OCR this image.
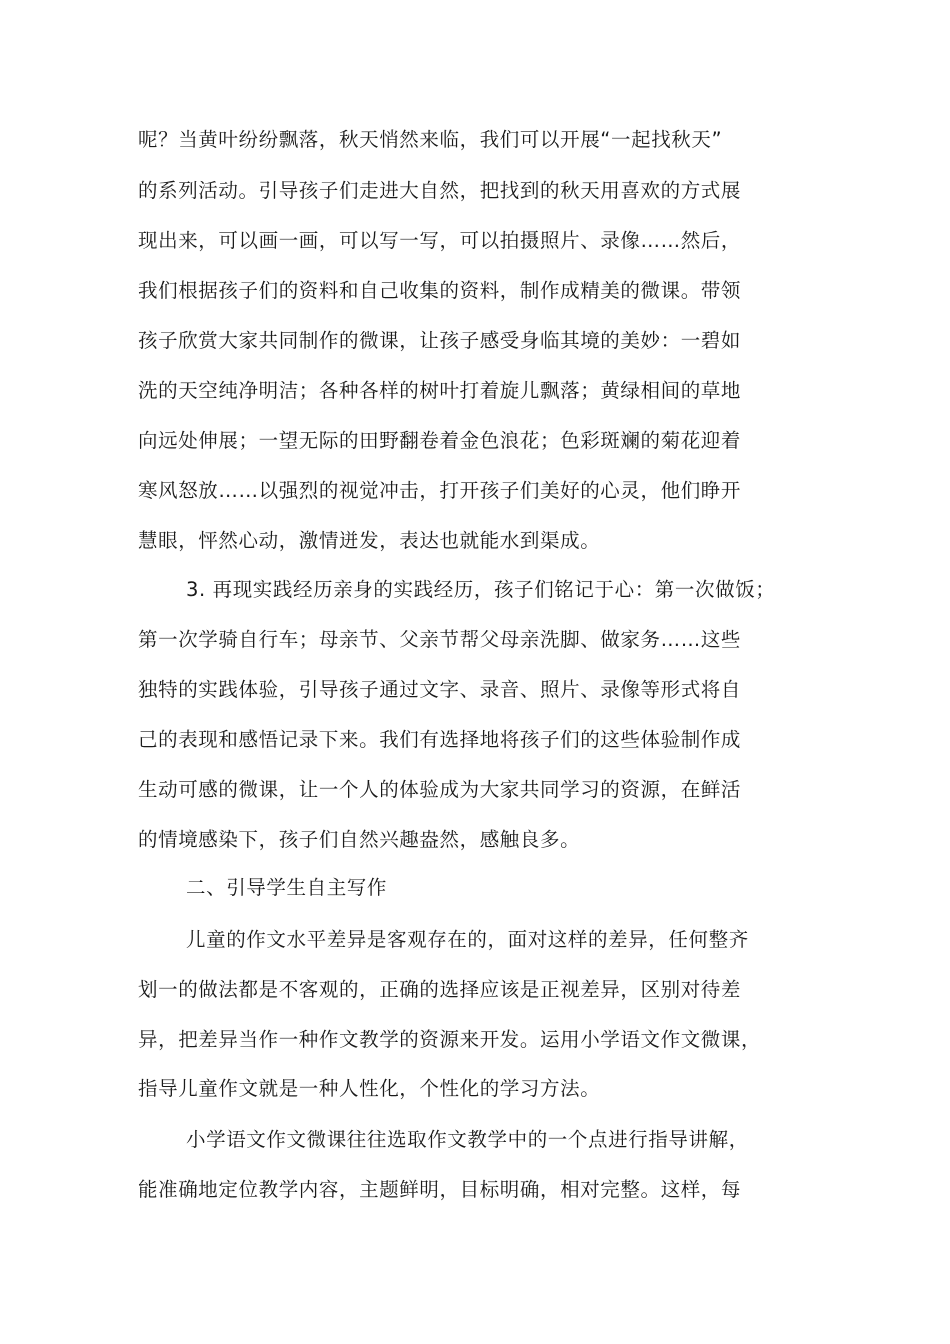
呢？当黄叶纷纷飘落，秋天悄然来临，我们可以开展“一起找秋天”
的系列活动。引导孩子们走进大自然，把找到的秋天用喜欢的方式展
现出来，可以画一画，可以写一写，可以拍摄照片、录像……然后，
我们根据孩子们的资料和自己收集的资料，制作成精美的微课。带领
孩子欣赏大家共同制作的微课，让孩子感受身临其境的美妙：一碧如
洗的天空纯净明洁；各种各样的树叶打着旋儿飘落；黄绿相间的草地
向远处伸展；一望无际的田野翻卷着金色浪花；色彩斑斓的菊花迎着
寒风怒放……以强烈的视觉冲击，打开孩子们美好的心灵，他们睁开
慧眼，怦然心动，激情迸发，表达也就能水到渠成。
3. 再现实践经历亲身的实践经历，孩子们铭记于心：第一次做饭；
第一次学骑自行车；母亲节、父亲节帮父母亲洗脚、做家务……这些
独特的实践体验，引导孩子通过文字、录音、照片、录像等形式将自
己的表现和感悟记录下来。我们有选择地将孩子们的这些体验制作成
生动可感的微课，让一个人的体验成为大家共同学习的资源，在鲜活
的情境感染下，孩子们自然兴趣盎然，感触良多。
二、引导学生自主写作
儿童的作文水平差异是客观存在的，面对这样的差异，任何整齐
划一的做法都是不客观的，正确的选择应该是正视差异，区别对待差
异，把差异当作一种作文教学的资源来开发。运用小学语文作文微课，
指导儿童作文就是一种人性化，个性化的学习方法。
小学语文作文微课往往选取作文教学中的一个点进行指导讲解，
能准确地定位教学内容，主题鲜明，目标明确，相对完整。这样，每
